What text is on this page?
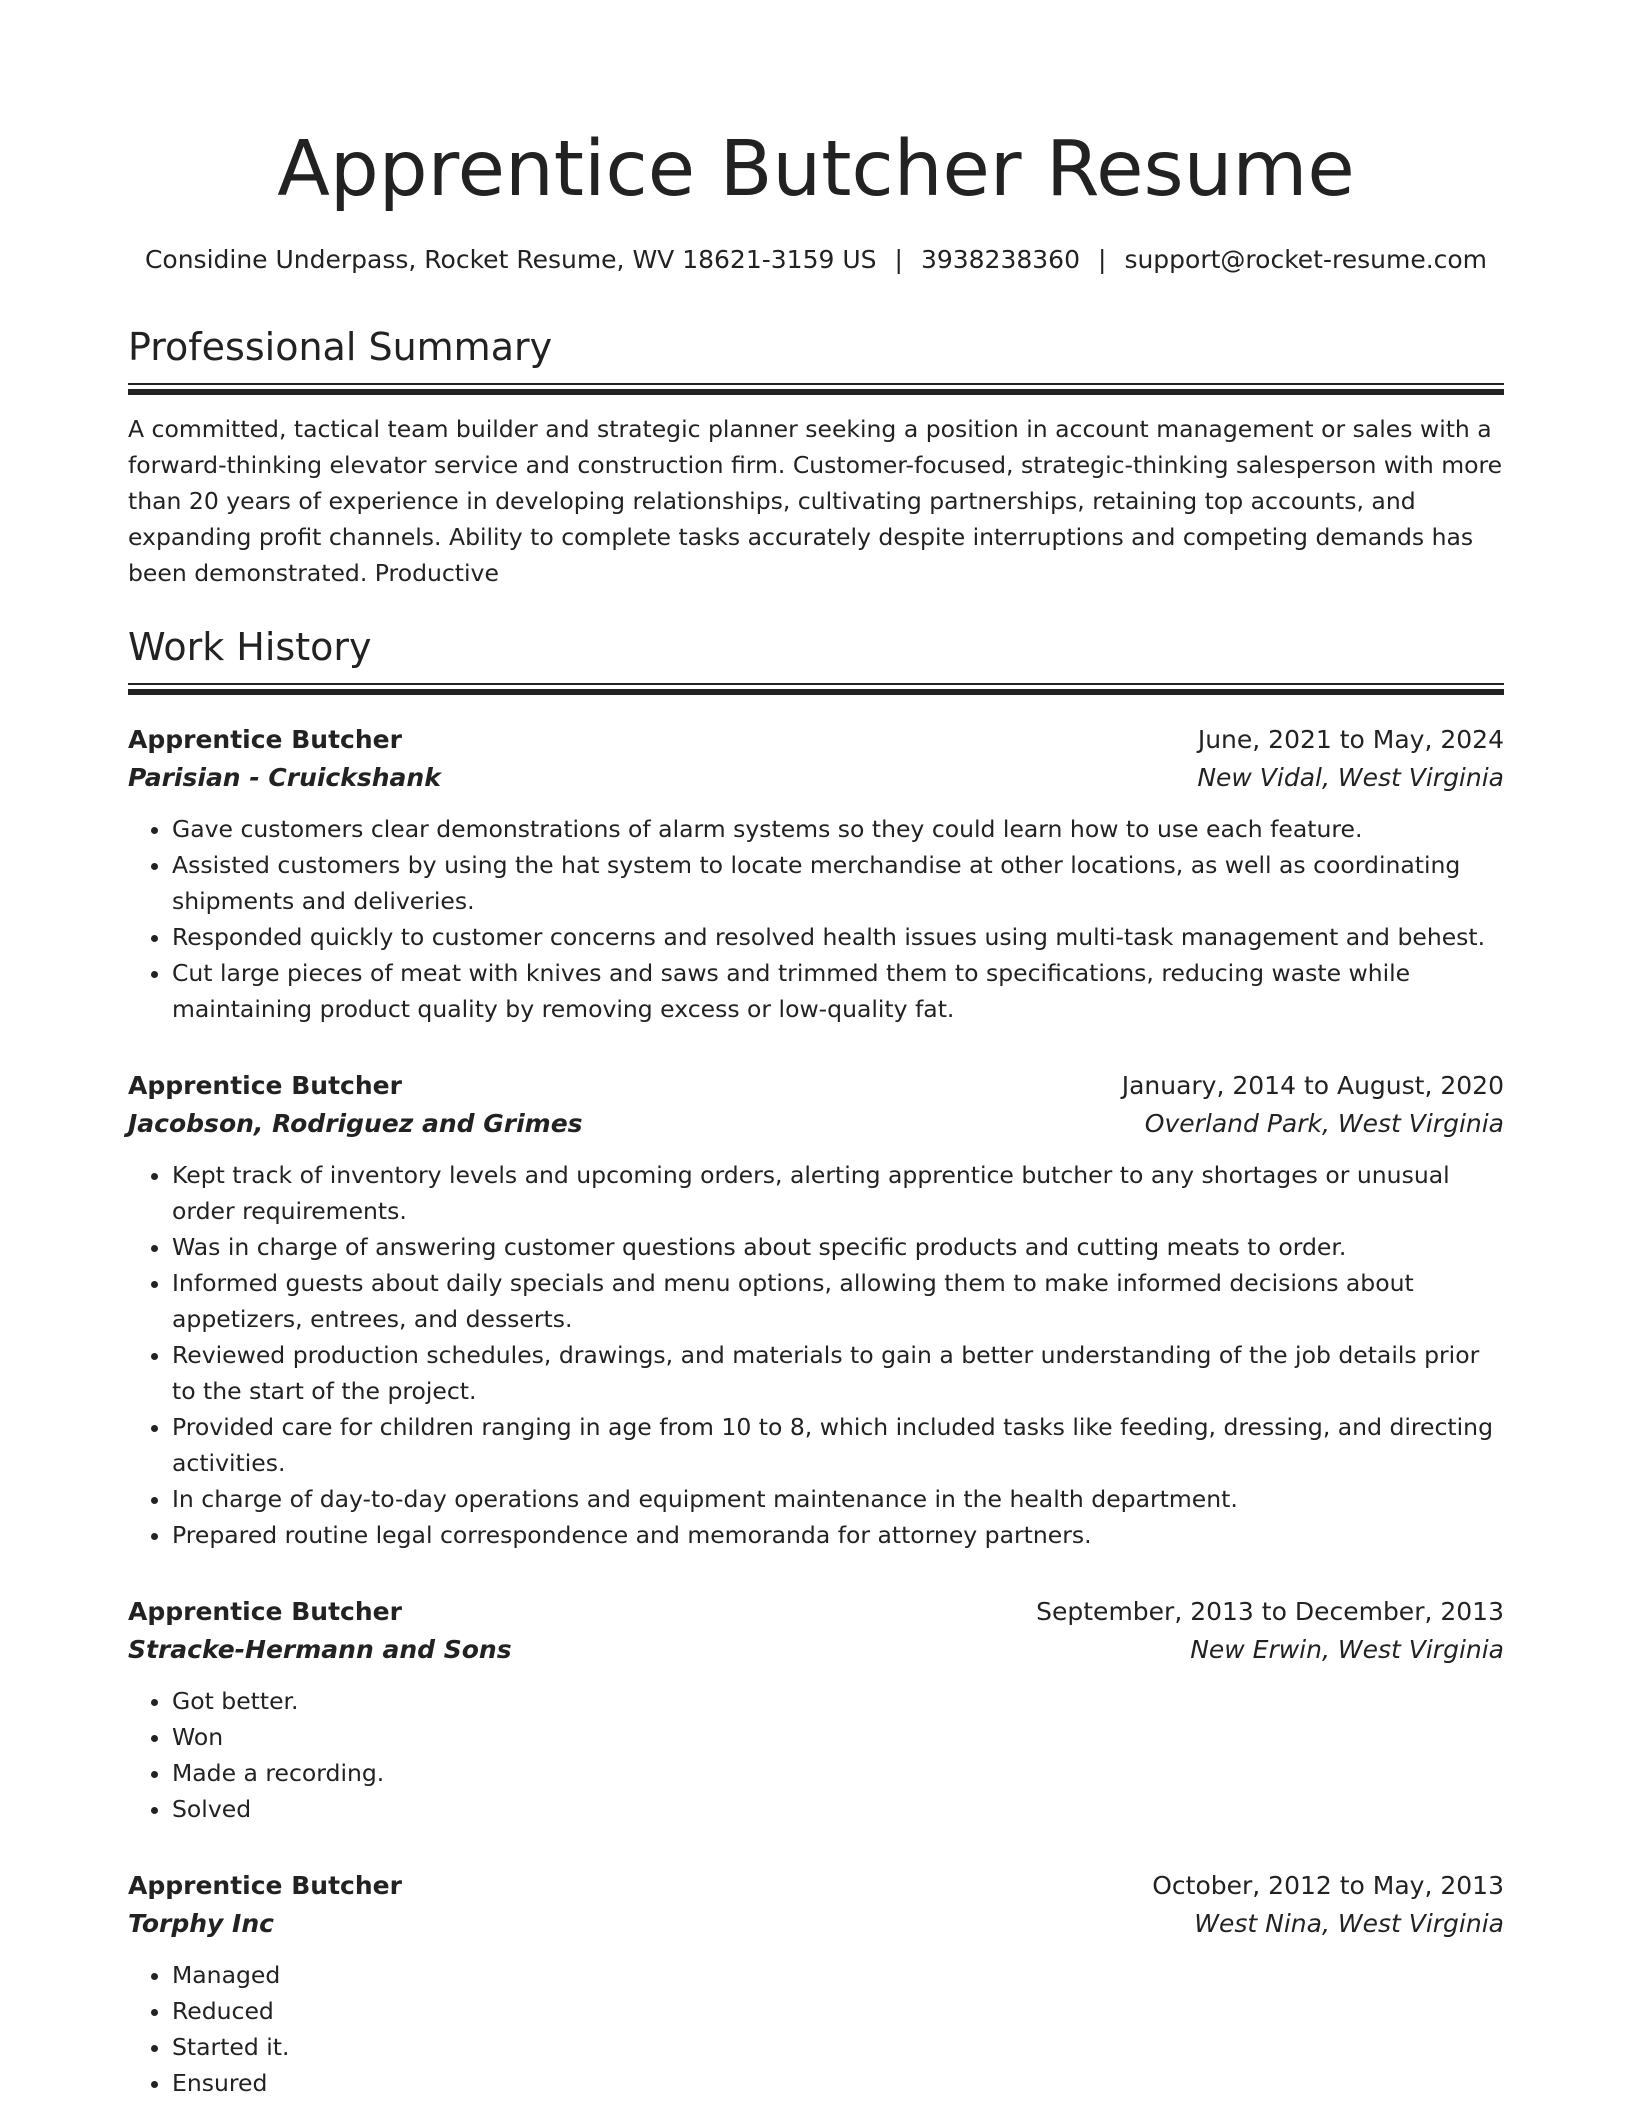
Apprentice Butcher Resume
Considine Underpass, Rocket Resume, WV 18621-3159 US | 3938238360 | support@rocket-resume.com
Professional Summary

A committed, tactical team builder and strategic planner seeking a position in account management or sales with a forward-thinking elevator service and construction firm. Customer-focused, strategic-thinking salesperson with more than 20 years of experience in developing relationships, cultivating partnerships, retaining top accounts, and expanding profit channels. Ability to complete tasks accurately despite interruptions and competing demands has been demonstrated. Productive

Work History
Apprentice Butcher	June, 2021 to May, 2024
Parisian - Cruickshank	New Vidal, West Virginia
• Gave customers clear demonstrations of alarm systems so they could learn how to use each feature.
• Assisted customers by using the hat system to locate merchandise at other locations, as well as coordinating shipments and deliveries.
• Responded quickly to customer concerns and resolved health issues using multi-task management and behest.
• Cut large pieces of meat with knives and saws and trimmed them to specifications, reducing waste while maintaining product quality by removing excess or low-quality fat.
Apprentice Butcher	January, 2014 to August, 2020
Jacobson, Rodriguez and Grimes	Overland Park, West Virginia
• Kept track of inventory levels and upcoming orders, alerting apprentice butcher to any shortages or unusual order requirements.
• Was in charge of answering customer questions about specific products and cutting meats to order.
• Informed guests about daily specials and menu options, allowing them to make informed decisions about appetizers, entrees, and desserts.
• Reviewed production schedules, drawings, and materials to gain a better understanding of the job details prior to the start of the project.
• Provided care for children ranging in age from 10 to 8, which included tasks like feeding, dressing, and directing activities.
• In charge of day-to-day operations and equipment maintenance in the health department.
• Prepared routine legal correspondence and memoranda for attorney partners.
Apprentice Butcher	September, 2013 to December, 2013
Stracke-Hermann and Sons	New Erwin, West Virginia
• Got better.
• Won
• Made a recording.
• Solved
Apprentice Butcher	October, 2012 to May, 2013
Torphy Inc	West Nina, West Virginia
• Managed
• Reduced
• Started it.
• Ensured
